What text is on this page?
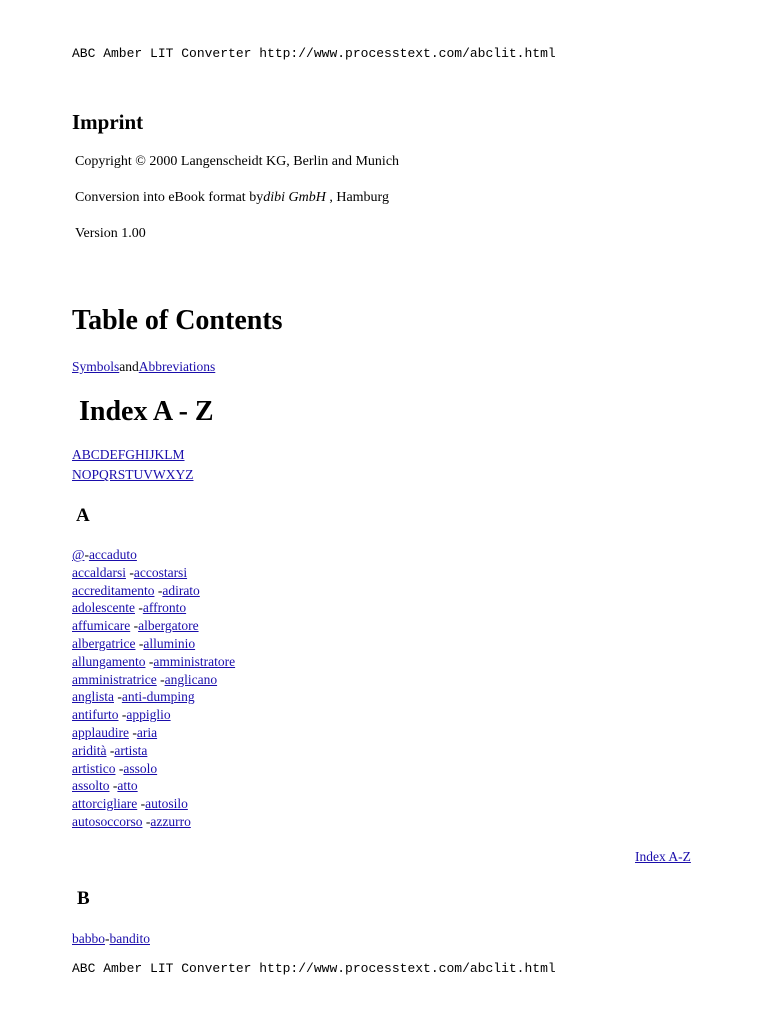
ABC Amber LIT Converter http://www.processtext.com/abclit.html
Imprint
Copyright © 2000 Langenscheidt KG, Berlin and Munich
Conversion into eBook format bydibi GmbH , Hamburg
Version 1.00
Table of Contents
SymbolsandAbbreviations
Index A - Z
ABCDEFGHIJKLM
NOPQRSTUVWXYZ
A
@-accaduto
accaldarsi -accostarsi
accreditamento -adirato
adolescente -affronto
affumicare -albergatore
albergatrice -alluminio
allungamento -amministratore
amministratrice -anglicano
anglista -anti-dumping
antifurto -appiglio
applaudire -aria
aridità -artista
artistico -assolo
assolto -atto
attorcigliare -autosilo
autosoccorso -azzurro
Index A-Z
B
babbo-bandito
ABC Amber LIT Converter http://www.processtext.com/abclit.html
